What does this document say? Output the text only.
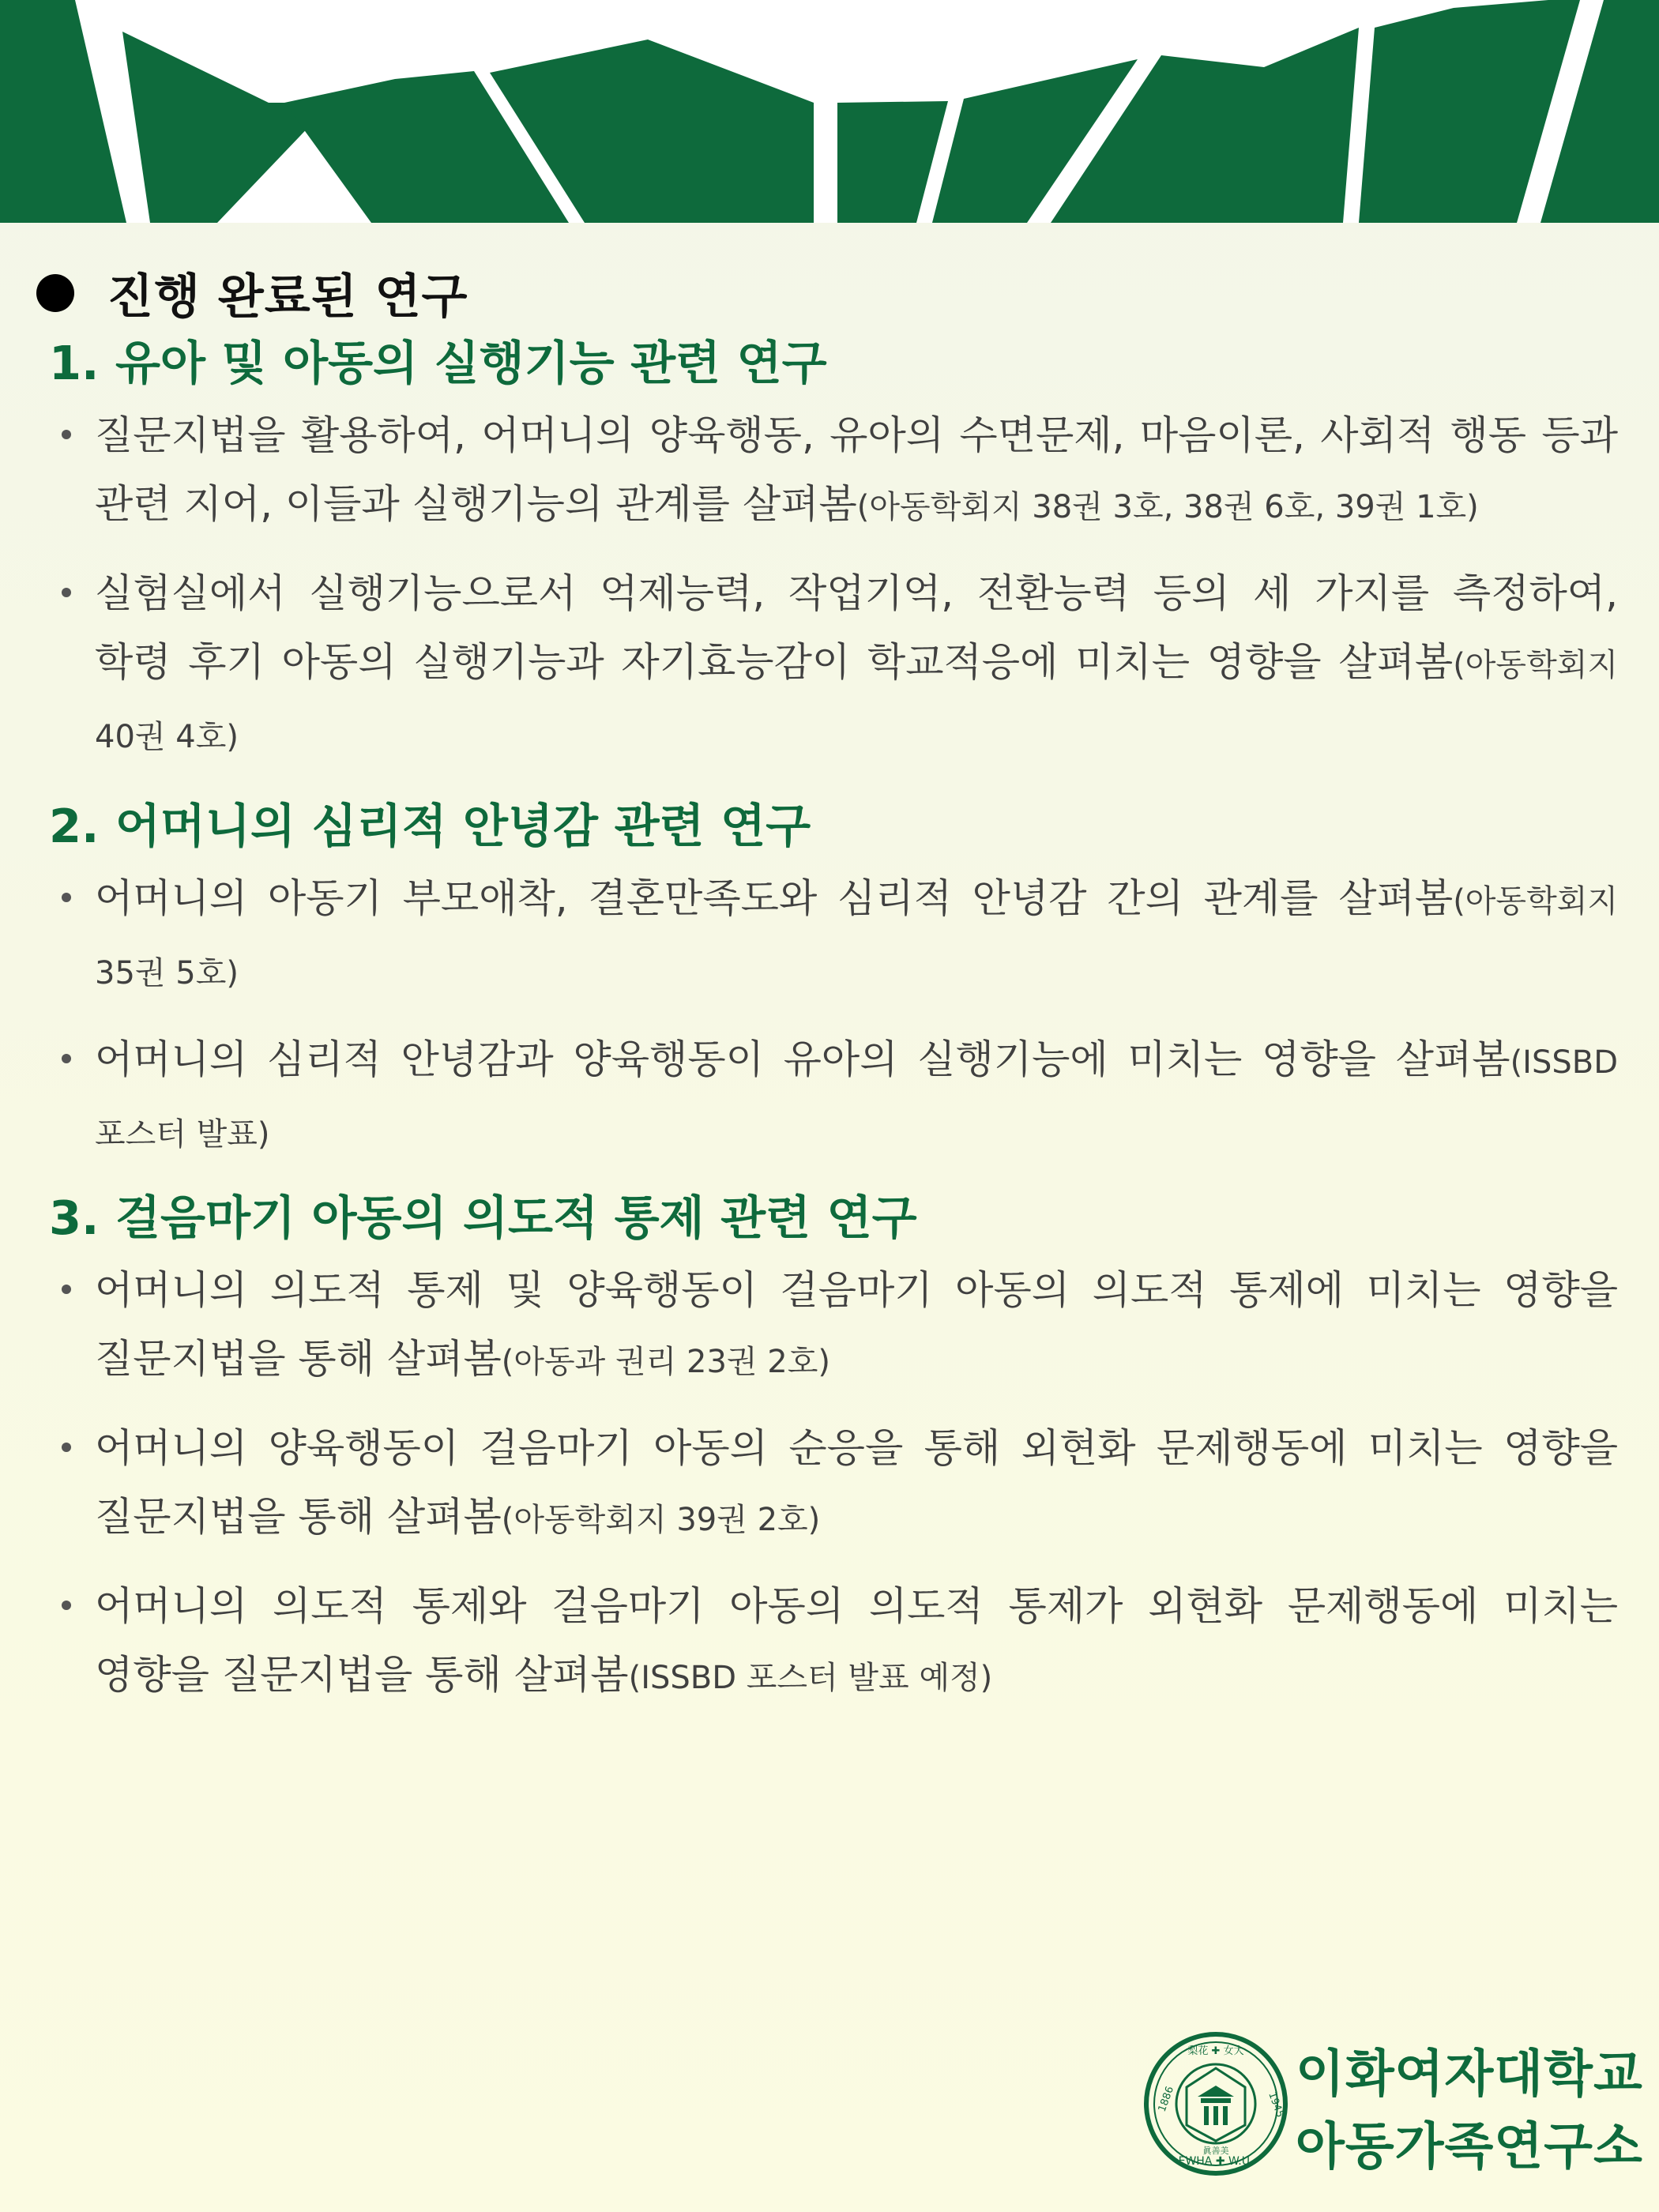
진행 완료된 연구
1. 유아 및 아동의 실행기능 관련 연구
질문지법을 활용하여, 어머니의 양육행동, 유아의 수면문제, 마음이론, 사회적 행동 등과 관련 지어, 이들과 실행기능의 관계를 살펴봄(아동학회지 38권 3호, 38권 6호, 39권 1호)
실험실에서 실행기능으로서 억제능력, 작업기억, 전환능력 등의 세 가지를 측정하여, 학령 후기 아동의 실행기능과 자기효능감이 학교적응에 미치는 영향을 살펴봄(아동학회지 40권 4호)
2. 어머니의 심리적 안녕감 관련 연구
어머니의 아동기 부모애착, 결혼만족도와 심리적 안녕감 간의 관계를 살펴봄(아동학회지 35권 5호)
어머니의 심리적 안녕감과 양육행동이 유아의 실행기능에 미치는 영향을 살펴봄(ISSBD 포스터 발표)
3. 걸음마기 아동의 의도적 통제 관련 연구
어머니의 의도적 통제 및 양육행동이 걸음마기 아동의 의도적 통제에 미치는 영향을 질문지법을 통해 살펴봄(아동과 권리 23권 2호)
어머니의 양육행동이 걸음마기 아동의 순응을 통해 외현화 문제행동에 미치는 영향을 질문지법을 통해 살펴봄(아동학회지 39권 2호)
어머니의 의도적 통제와 걸음마기 아동의 의도적 통제가 외현화 문제행동에 미치는 영향을 질문지법을 통해 살펴봄(ISSBD 포스터 발표 예정)
1886
梨花 ✚ 女大
1945
EWHA ✚ W.U.
眞善美
이화여자대학교
아동가족연구소
